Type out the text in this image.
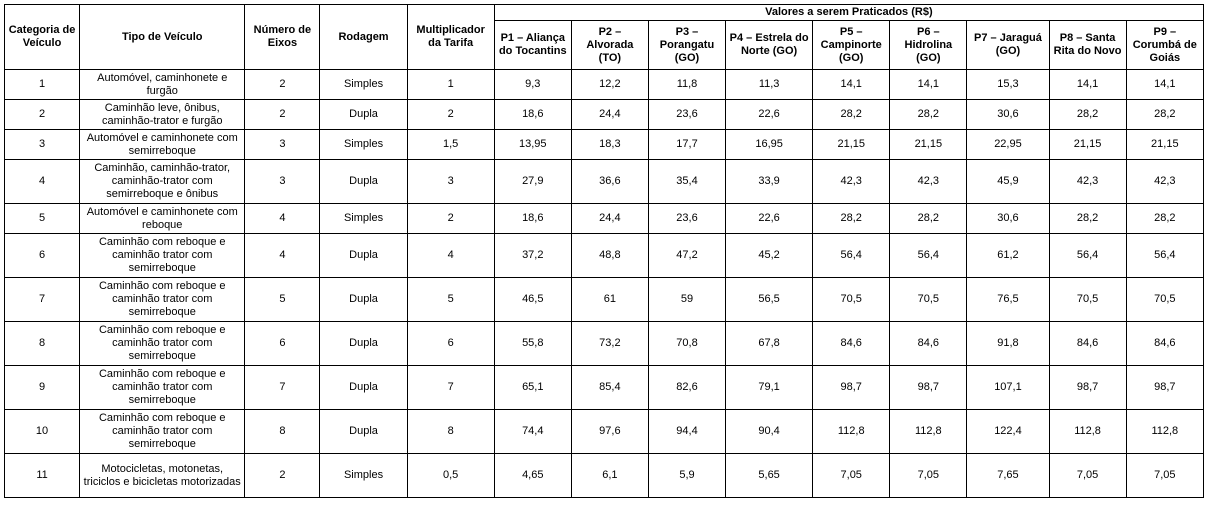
Categoria de Veículo	Tipo de Veículo	Número de Eixos	Rodagem	Multiplicador da Tarifa	Valores a serem Praticados (R$)								
					P1 – Aliança do Tocantins	P2 – Alvorada (TO)	P3 – Porangatu (GO)	P4 – Estrela do Norte (GO)	P5 – Campinorte (GO)	P6 – Hidrolina (GO)	P7 – Jaraguá (GO)	P8 – Santa Rita do Novo	P9 – Corumbá de Goiás
1	Automóvel, caminhonete e furgão	2	Simples	1	9,3	12,2	11,8	11,3	14,1	14,1	15,3	14,1	14,1
2	Caminhão leve, ônibus, caminhão-trator e furgão	2	Dupla	2	18,6	24,4	23,6	22,6	28,2	28,2	30,6	28,2	28,2
3	Automóvel e caminhonete com semirreboque	3	Simples	1,5	13,95	18,3	17,7	16,95	21,15	21,15	22,95	21,15	21,15
4	Caminhão, caminhão-trator, caminhão-trator com semirreboque e ônibus	3	Dupla	3	27,9	36,6	35,4	33,9	42,3	42,3	45,9	42,3	42,3
5	Automóvel e caminhonete com reboque	4	Simples	2	18,6	24,4	23,6	22,6	28,2	28,2	30,6	28,2	28,2
6	Caminhão com reboque e caminhão trator com semirreboque	4	Dupla	4	37,2	48,8	47,2	45,2	56,4	56,4	61,2	56,4	56,4
7	Caminhão com reboque e caminhão trator com semirreboque	5	Dupla	5	46,5	61	59	56,5	70,5	70,5	76,5	70,5	70,5
8	Caminhão com reboque e caminhão trator com semirreboque	6	Dupla	6	55,8	73,2	70,8	67,8	84,6	84,6	91,8	84,6	84,6
9	Caminhão com reboque e caminhão trator com semirreboque	7	Dupla	7	65,1	85,4	82,6	79,1	98,7	98,7	107,1	98,7	98,7
10	Caminhão com reboque e caminhão trator com semirreboque	8	Dupla	8	74,4	97,6	94,4	90,4	112,8	112,8	122,4	112,8	112,8
11	Motocicletas, motonetas, triciclos e bicicletas motorizadas	2	Simples	0,5	4,65	6,1	5,9	5,65	7,05	7,05	7,65	7,05	7,05
